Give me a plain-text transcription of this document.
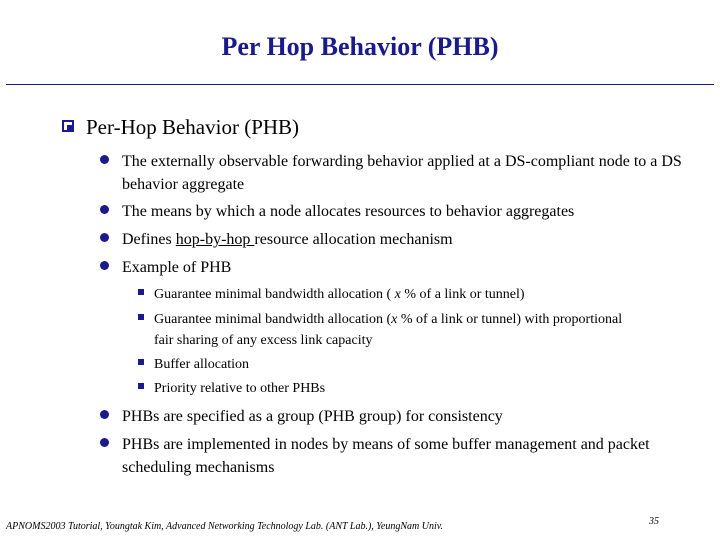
Per Hop Behavior (PHB)
Per-Hop Behavior (PHB)
The externally observable forwarding behavior applied at a DS-compliant node to a DS behavior aggregate
The means by which a node allocates resources to behavior aggregates
Defines hop-by-hop resource allocation mechanism
Example of PHB
Guarantee minimal bandwidth allocation ( x % of a link or tunnel)
Guarantee minimal bandwidth allocation (x % of a link or tunnel) with proportional fair sharing of any excess link capacity
Buffer allocation
Priority relative to other PHBs
PHBs are specified as a group (PHB group) for consistency
PHBs are implemented in nodes by means of some buffer management and packet scheduling mechanisms
APNOMS2003 Tutorial, Youngtak Kim, Advanced Networking Technology Lab. (ANT Lab.), YeungNam Univ.	35
